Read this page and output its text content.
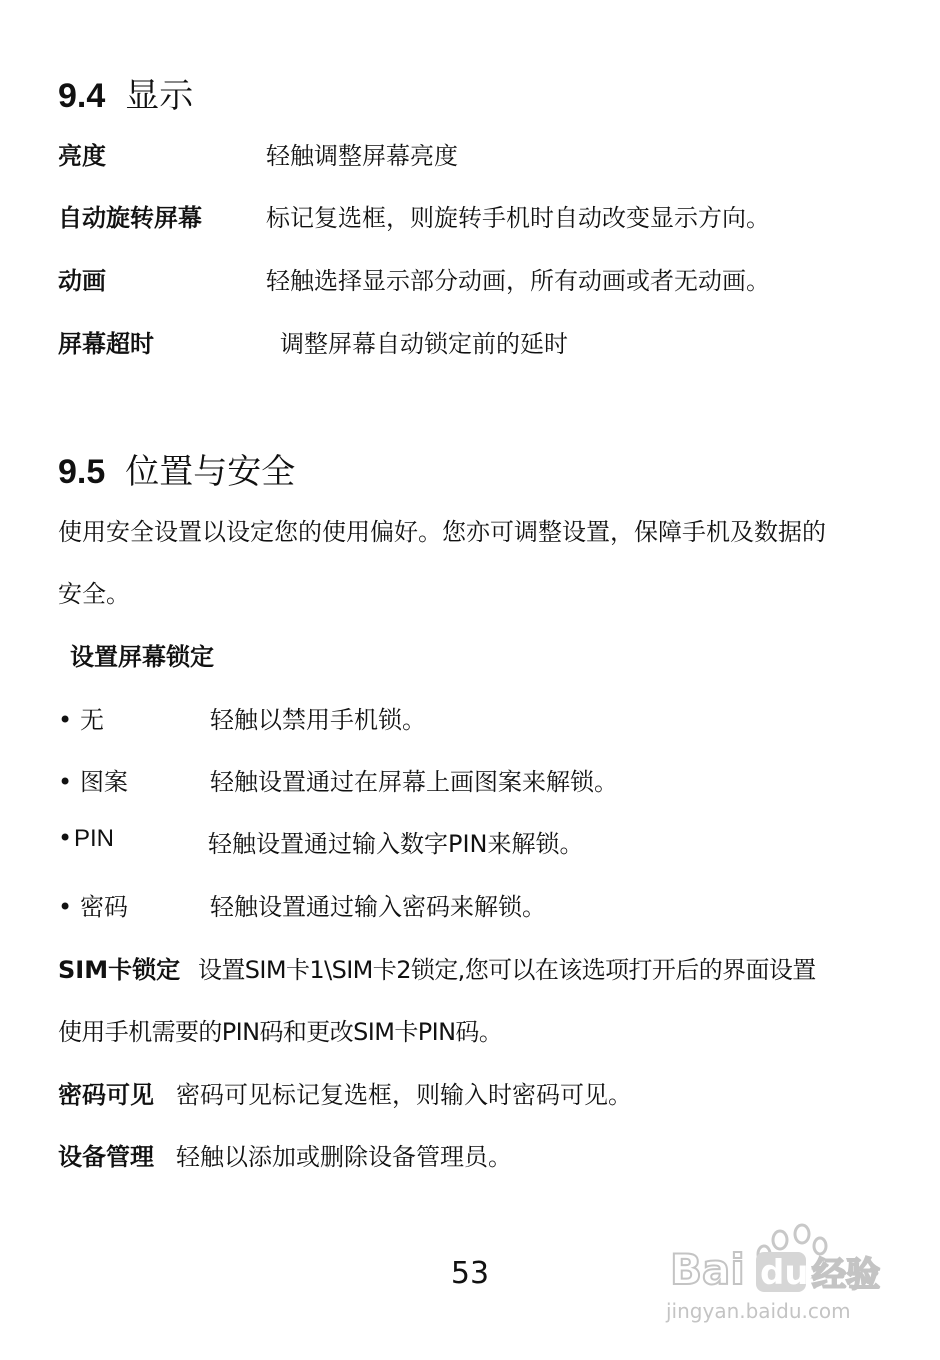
9.4 显示
亮度	轻触调整屏幕亮度
自动旋转屏幕	标记复选框，则旋转手机时自动改变显示方向。
动画	轻触选择显示部分动画，所有动画或者无动画。
屏幕超时	调整屏幕自动锁定前的延时
9.5 位置与安全
使用安全设置以设定您的使用偏好。您亦可调整设置，保障手机及数据的
安全。
设置屏幕锁定
• 无	轻触以禁用手机锁。
• 图案	轻触设置通过在屏幕上画图案来解锁。
•PIN	轻触设置通过输入数字PIN来解锁。
• 密码	轻触设置通过输入密码来解锁。
SIM卡锁定 设置SIM卡1\SIM卡2锁定,您可以在该选项打开后的界面设置
使用手机需要的PIN码和更改SIM卡PIN码。
密码可见 密码可见标记复选框，则输入时密码可见。
设备管理 轻触以添加或删除设备管理员。
53	Bai du 经验
jingyan.baidu.com
